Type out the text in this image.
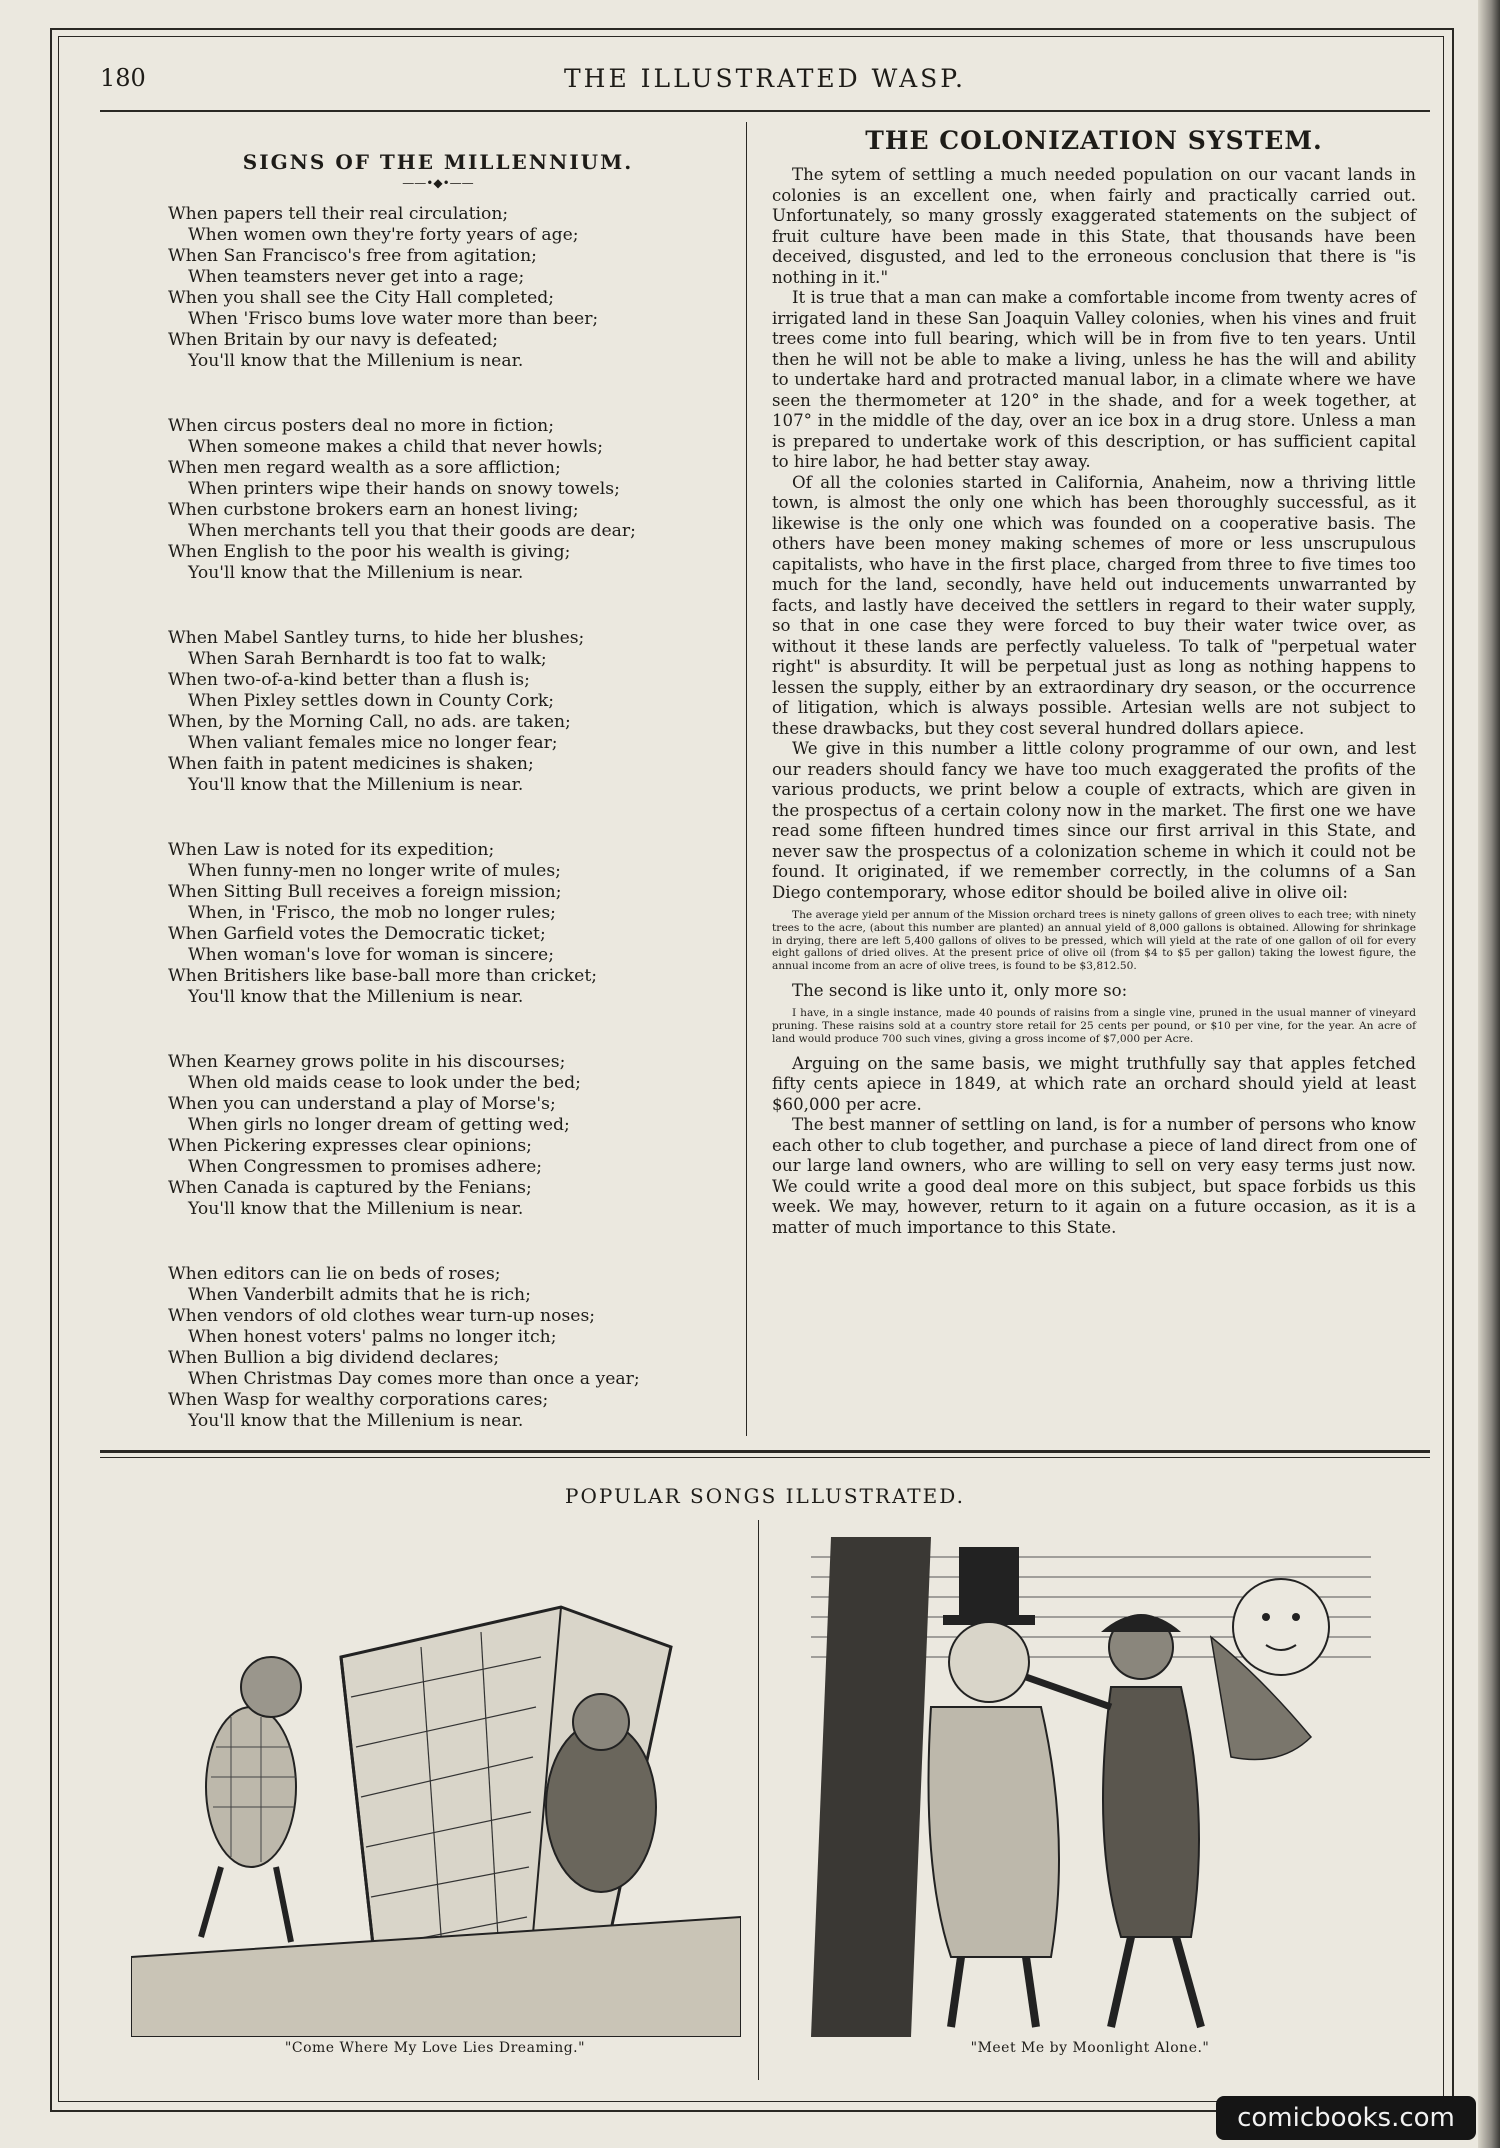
180	THE ILLUSTRATED WASP.
SIGNS OF THE MILLENNIUM.
——•◆•——
When papers tell their real circulation;
When women own they're forty years of age;
When San Francisco's free from agitation;
When teamsters never get into a rage;
When you shall see the City Hall completed;
When 'Frisco bums love water more than beer;
When Britain by our navy is defeated;
You'll know that the Millenium is near.
When circus posters deal no more in fiction;
When someone makes a child that never howls;
When men regard wealth as a sore affliction;
When printers wipe their hands on snowy towels;
When curbstone brokers earn an honest living;
When merchants tell you that their goods are dear;
When English to the poor his wealth is giving;
You'll know that the Millenium is near.
When Mabel Santley turns, to hide her blushes;
When Sarah Bernhardt is too fat to walk;
When two-of-a-kind better than a flush is;
When Pixley settles down in County Cork;
When, by the Morning Call, no ads. are taken;
When valiant females mice no longer fear;
When faith in patent medicines is shaken;
You'll know that the Millenium is near.
When Law is noted for its expedition;
When funny-men no longer write of mules;
When Sitting Bull receives a foreign mission;
When, in 'Frisco, the mob no longer rules;
When Garfield votes the Democratic ticket;
When woman's love for woman is sincere;
When Britishers like base-ball more than cricket;
You'll know that the Millenium is near.
When Kearney grows polite in his discourses;
When old maids cease to look under the bed;
When you can understand a play of Morse's;
When girls no longer dream of getting wed;
When Pickering expresses clear opinions;
When Congressmen to promises adhere;
When Canada is captured by the Fenians;
You'll know that the Millenium is near.
When editors can lie on beds of roses;
When Vanderbilt admits that he is rich;
When vendors of old clothes wear turn-up noses;
When honest voters' palms no longer itch;
When Bullion a big dividend declares;
When Christmas Day comes more than once a year;
When Wasp for wealthy corporations cares;
You'll know that the Millenium is near.
THE COLONIZATION SYSTEM.

The sytem of settling a much needed population on our vacant lands in colonies is an excellent one, when fairly and practically carried out. Unfortunately, so many grossly exaggerated statements on the subject of fruit culture have been made in this State, that thousands have been deceived, disgusted, and led to the erroneous conclusion that there is "is nothing in it."

It is true that a man can make a comfortable income from twenty acres of irrigated land in these San Joaquin Valley colonies, when his vines and fruit trees come into full bearing, which will be in from five to ten years. Until then he will not be able to make a living, unless he has the will and ability to undertake hard and protracted manual labor, in a climate where we have seen the thermometer at 120° in the shade, and for a week together, at 107° in the middle of the day, over an ice box in a drug store. Unless a man is prepared to undertake work of this description, or has sufficient capital to hire labor, he had better stay away.

Of all the colonies started in California, Anaheim, now a thriving little town, is almost the only one which has been thoroughly successful, as it likewise is the only one which was founded on a cooperative basis. The others have been money making schemes of more or less unscrupulous capitalists, who have in the first place, charged from three to five times too much for the land, secondly, have held out inducements unwarranted by facts, and lastly have deceived the settlers in regard to their water supply, so that in one case they were forced to buy their water twice over, as without it these lands are perfectly valueless. To talk of "perpetual water right" is absurdity. It will be perpetual just as long as nothing happens to lessen the supply, either by an extraordinary dry season, or the occurrence of litigation, which is always possible. Artesian wells are not subject to these drawbacks, but they cost several hundred dollars apiece.

We give in this number a little colony programme of our own, and lest our readers should fancy we have too much exaggerated the profits of the various products, we print below a couple of extracts, which are given in the prospectus of a certain colony now in the market. The first one we have read some fifteen hundred times since our first arrival in this State, and never saw the prospectus of a colonization scheme in which it could not be found. It originated, if we remember correctly, in the columns of a San Diego contemporary, whose editor should be boiled alive in olive oil:

The average yield per annum of the Mission orchard trees is ninety gallons of green olives to each tree; with ninety trees to the acre, (about this number are planted) an annual yield of 8,000 gallons is obtained. Allowing for shrinkage in drying, there are left 5,400 gallons of olives to be pressed, which will yield at the rate of one gallon of oil for every eight gallons of dried olives. At the present price of olive oil (from $4 to $5 per gallon) taking the lowest figure, the annual income from an acre of olive trees, is found to be $3,812.50.

The second is like unto it, only more so:

I have, in a single instance, made 40 pounds of raisins from a single vine, pruned in the usual manner of vineyard pruning. These raisins sold at a country store retail for 25 cents per pound, or $10 per vine, for the year. An acre of land would produce 700 such vines, giving a gross income of $7,000 per Acre.

Arguing on the same basis, we might truthfully say that apples fetched fifty cents apiece in 1849, at which rate an orchard should yield at least $60,000 per acre.

The best manner of settling on land, is for a number of persons who know each other to club together, and purchase a piece of land direct from one of our large land owners, who are willing to sell on very easy terms just now. We could write a good deal more on this subject, but space forbids us this week. We may, however, return to it again on a future occasion, as it is a matter of much importance to this State.

POPULAR SONGS ILLUSTRATED.
"Come Where My Love Lies Dreaming."	"Meet Me by Moonlight Alone."
comicbooks.com
